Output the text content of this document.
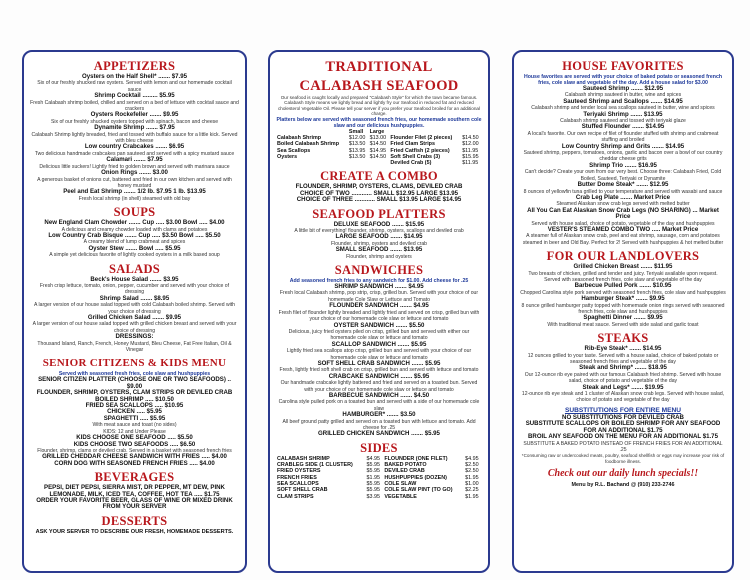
APPETIZERS
Oysters on the Half Shell* ....... $7.95
Six of our freshly shucked raw oysters. Served with lemon and our homemade cocktail sauce
Shrimp Cocktail ......... $5.95
Fresh Calabash shrimp boiled, chilled and served on a bed of lettuce with cocktail sauce and crackers
Oysters Rockefeller ....... $9.95
Six of our freshly shucked oysters topped with spinach, bacon and cheese
Dynamite Shrimp ....... $7.95
Calabash Shrimp lightly breaded, fried and tossed with buffalo sauce for a little kick. Served with bleu cheese
Low country Crabcakes ....... $6.95
Two delicious handmade crabcakes pan sauteed and served with a spicy mustard sauce
Calamari ....... $7.95
Delicious little suckers! Lightly fried to golden brown and served with marinara sauce
Onion Rings ....... $3.00
A generous basket of onions cut, battered and fried in our own kitchen and served with honey mustard
Peel and Eat Shrimp ....... 1/2 lb. $7.95 1 lb. $13.95
Fresh local shrimp (in shell) steamed with old bay
SOUPS
New England Clam Chowder ....... Cup ..... $3.00 Bowl ..... $4.00
A delicious and creamy chowder loaded with clams and potatoes
Low Country Crab Bisque ....... Cup ..... $3.50 Bowl ..... $5.50
A creamy blend of lump crabmeat and spices
Oyster Stew ....... Bowl ..... $5.95
A simple yet delicious favorite of lightly cooked oysters in a milk based soup
SALADS
Beck's House Salad ....... $3.95
Fresh crisp lettuce, tomato, onion, pepper, cucumber and served with your choice of dressing
Shrimp Salad ....... $8.95
A larger version of our house salad topped with cold Calabash boiled shrimp. Served with your choice of dressing
Grilled Chicken Salad ....... $9.95
A larger version of our house salad topped with grilled chicken breast and served with your choice of dressing
DRESSINGS:
Thousand Island, Ranch, French, Honey Mustard, Bleu Cheese, Fat Free Italian, Oil & Vinegar
SENIOR CITIZENS & KIDS MENU
Served with seasoned fresh fries, cole slaw and hushpuppies
SENIOR CITIZEN PLATTER (CHOOSE ONE OR TWO SEAFOODS) .. $9.00
FLOUNDER, SHRIMP, OYSTERS, CLAM STRIPS OR DEVILED CRAB
BOILED SHRIMP ..... $10.50
FRIED SEA SCALLOPS ..... $10.95
CHICKEN ..... $5.95
SPAGHETTI ..... $5.95
With meat sauce and toast (no sides)
KIDS: 12 and Under Please
KIDS CHOOSE ONE SEAFOOD ..... $5.50
KIDS CHOOSE TWO SEAFOODS ..... $6.50
Flounder, shrimp, clams or deviled crab. Served in a basket with seasoned french fries
GRILLED CHEDDAR CHEESE SANDWICH WITH FRIES ..... $4.00
CORN DOG WITH SEASONED FRENCH FRIES ..... $4.00
BEVERAGES
PEPSI, DIET PEPSI, SIERRA MIST, DR PEPPER, MT DEW, PINK LEMONADE, MILK, ICED TEA, COFFEE, HOT TEA ..... $1.75
ORDER YOUR FAVORITE BEER, GLASS OF WINE OR MIXED DRINK FROM YOUR SERVER
DESSERTS
ASK YOUR SERVER TO DESCRIBE OUR FRESH, HOMEMADE DESSERTS.
TRADITIONAL
CALABASH SEAFOOD
Our seafood is caught locally and prepared "Calabash Style" for which the town became famous. Calabash Style means we lightly bread and lightly fry our Seafood in reduced fat and reduced cholesterol Vegetable Oil. Please tell your server if you prefer your Seafood broiled for an additional charge.
Platters below are served with seasoned french fries, our homemade southern cole slaw and our delicious hushpuppies.
	Small	Large		
Calabash Shrimp	$12.00	$13.00	Flounder Filet (2 pieces)	$14.50
Boiled Calabash Shrimp	$13.50	$14.50	Fried Clam Strips	$12.00
Sea Scallops	$13.95	$14.95	Fried Catfish (2 pieces)	$11.95
Oysters	$13.50	$14.50	Soft Shell Crabs (3)	$15.95
			Deviled Crab (5)	$11.95
CREATE A COMBO
FLOUNDER, SHRIMP, OYSTERS, CLAMS, DEVILED CRAB
CHOICE OF TWO ............ SMALL $12.95 LARGE $13.95
CHOICE OF THREE ............ SMALL $13.95 LARGE $14.95
SEAFOOD PLATTERS
DELUXE SEAFOOD ....... $15.95
A little bit of everything! flounder, shrimp, oysters, scallops and deviled crab
LARGE SEAFOOD ....... $14.95
Flounder, shrimp, oysters and deviled crab
SMALL SEAFOOD ....... $13.95
Flounder, shrimp and oysters
SANDWICHES
Add seasoned french fries to any sandwich for $1.00. Add cheese for .25
SHRIMP SANDWICH ....... $4.95
Fresh local Calabash shrimp, pop strip, crisp, grilled bun. Served with your choice of our homemade Cole Slaw or Lettuce and Tomato
FLOUNDER SANDWICH ....... $4.95
Fresh filet of flounder lightly breaded and lightly fried and served on crisp, grilled bun with your choice of our homemade cole slaw or lettuce and tomato
OYSTER SANDWICH ....... $5.50
Delicious, juicy fried oysters piled on crisp, grilled bun and served with either our homemade cole slaw or lettuce and tomato
SCALLOP SANDWICH ....... $5.95
Lightly fried sea scallops atop crisp, grilled bun and served with your choice of our homemade cole slaw or lettuce and tomato
SOFT SHELL CRAB SANDWICH ....... $5.95
Fresh, lightly fried soft shell crab on crisp, grilled bun and served with lettuce and tomato
CRABCAKE SANDWICH ....... $5.95
Our handmade crabcake lightly battered and fried and served on a toasted bun. Served with your choice of our homemade cole slaw or lettuce and tomato
BARBECUE SANDWICH ....... $4.50
Carolina style pulled pork on a toasted bun and served with a side of our homemade cole slaw
HAMBURGER* ....... $3.50
All beef ground patty grilled and served on a toasted bun with lettuce and tomato. Add cheese for .25
GRILLED CHICKEN SANDWICH ....... $5.95
SIDES
CALABASH SHRIMP	$4.95	FLOUNDER (ONE FILET)	$4.95
CRABLEG SIDE (1 CLUSTER)	$5.95	BAKED POTATO	$2.50
FRIED OYSTERS	$5.95	DEVILED CRAB	$2.50
FRENCH FRIES	$1.95	HUSHPUPPIES (DOZEN)	$1.95
SEA SCALLOPS	$5.95	COLE SLAW	$1.00
SOFT SHELL CRAB	$5.95	COLE SLAW PINT (TO GO)	$2.25
CLAM STRIPS	$3.95	VEGETABLE	$1.95
HOUSE FAVORITES
House favorites are served with your choice of baked potato or seasoned french fries, cole slaw and vegetable of the day. Add a house salad for $3.00
Sauteed Shrimp ....... $12.95
Calabash shrimp sauteed in butter, wine and spices
Sauteed Shrimp and Scallops ....... $14.95
Calabash shrimp and tender local sea scallops sauteed in butter, wine and spices
Teriyaki Shrimp ....... $13.95
Calabash shrimp sauteed and tossed with teriyaki glaze
Stuffed Flounder ....... $14.95
A local's favorite. Our own recipe of filet of flounder stuffed with shrimp and crabmeat stuffing and broiled
Low Country Shrimp and Grits ....... $14.95
Sauteed shrimp, peppers, tomatoes, onions, garlic and bacon over a bowl of our country cheddar cheese grits
Shrimp Trio ....... $16.95
Can't decide? Create your own from our very best. Choose three: Calabash Fried, Cold Boiled, Sauteed, Teriyaki or Dynamite
Butter Dome Steak* ....... $12.95
8 ounces of yellowfin tuna grilled to your temperature and served with wasabi and sauce
Crab Leg Plate ....... Market Price
Steamed Alaskan snow crab legs served with melted butter
All You Can Eat Alaskan Snow Crab Legs (NO SHARING) ... Market Price
Served with house salad, choice of potato, vegetable of the day and hushpuppies
VESTER'S STEAMED COMBO TWO ..... Market Price
A steamer full of Alaskan snow crab, peel and eat shrimp, sausage, corn and potatoes steamed in beer and Old Bay. Perfect for 2! Served with hushpuppies & hot melted butter
FOR OUR LANDLOVERS
Grilled Chicken Breast ....... $11.95
Two breasts of chicken, grilled and tender and juicy. Teriyaki available upon request. Served with seasoned french fries, cole slaw and vegetable of the day
Barbecue Pulled Pork ....... $10.95
Chopped Carolina style pork served with seasoned french fries, cole slaw and hushpuppies
Hamburger Steak* ....... $9.95
8 ounce grilled hamburger patty topped with homemade onion rings served with seasoned french fries, cole slaw and hushpuppies
Spaghetti Dinner ....... $9.95
With traditional meat sauce. Served with side salad and garlic toast
STEAKS
Rib-Eye Steak* ....... $14.95
12 ounces grilled to your taste. Served with a house salad, choice of baked potato or seasoned french fries and vegetable of the day
Steak and Shrimp* ....... $18.95
Our 12-ounce rib eye paired with our famous Calabash fried shrimp. Served with house salad, choice of potato and vegetable of the day
Steak and Legs* ....... $19.95
12-ounce rib eye steak and 1 cluster of Alaskan snow crab legs. Served with house salad, choice of potato and vegetable of the day
SUBSTITUTIONS FOR ENTIRE MENU
NO SUBSTITUTIONS FOR DEVILED CRAB
SUBSTITUTE SCALLOPS OR BOILED SHRIMP FOR ANY SEAFOOD FOR AN ADDITIONAL $1.75
BROIL ANY SEAFOOD ON THE MENU FOR AN ADDITIONAL $1.75
SUBSTITUTE A BAKED POTATO INSTEAD OF FRENCH FRIES FOR AN ADDITIONAL .25
*Consuming raw or undercooked meats, poultry, seafood shellfish or eggs may increase your risk of foodborne illness.
Check out our daily lunch specials!!
Menu by R.L. Bachand @ (910) 233-2746
